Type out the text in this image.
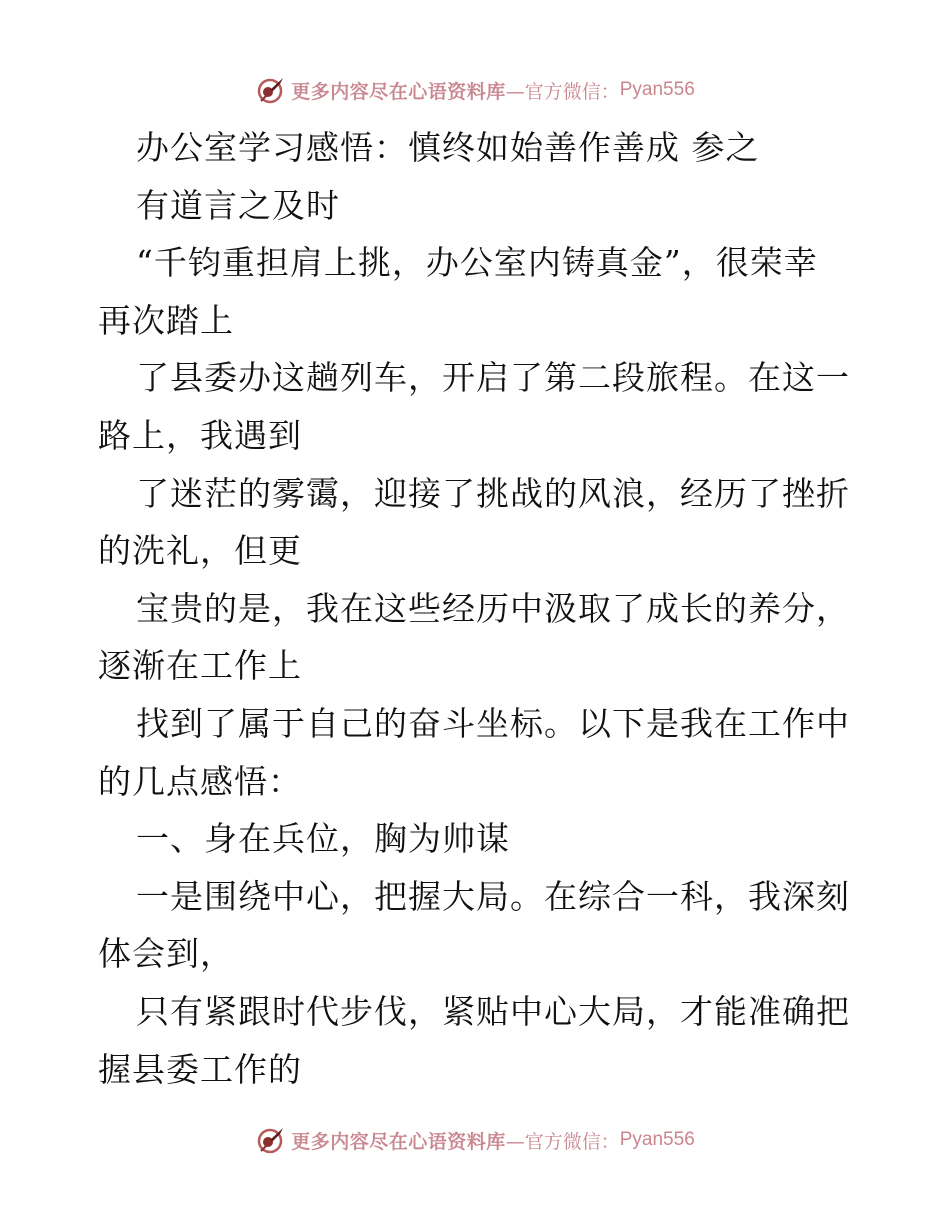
更多内容尽在心语资料库 —官方微信： Pyan556
办公室学习感悟：慎终如始善作善成 参之
有道言之及时
“千钧重担肩上挑，办公室内铸真金”，很荣幸
再次踏上
了县委办这趟列车，开启了第二段旅程。在这一
路上，我遇到
了迷茫的雾霭，迎接了挑战的风浪，经历了挫折
的洗礼，但更
宝贵的是，我在这些经历中汲取了成长的养分，
逐渐在工作上
找到了属于自己的奋斗坐标。以下是我在工作中
的几点感悟：
一、身在兵位，胸为帅谋
一是围绕中心，把握大局。在综合一科，我深刻
体会到，
只有紧跟时代步伐，紧贴中心大局，才能准确把
握县委工作的
更多内容尽在心语资料库 —官方微信： Pyan556
